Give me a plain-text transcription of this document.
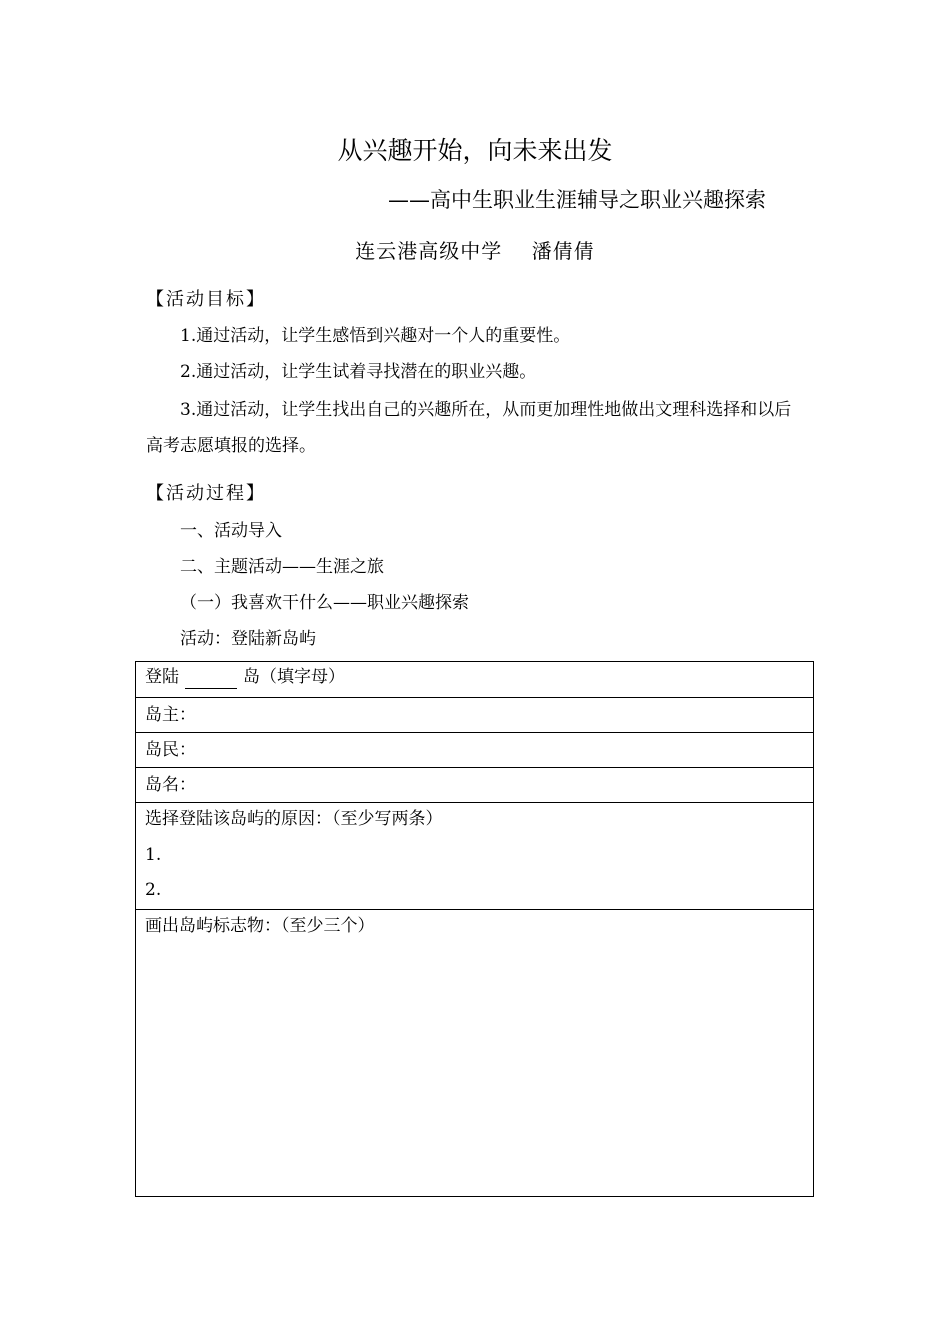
从兴趣开始，向未来出发
——高中生职业生涯辅导之职业兴趣探索
连云港高级中学    潘倩倩
【活动目标】
1.通过活动，让学生感悟到兴趣对一个人的重要性。
2.通过活动，让学生试着寻找潜在的职业兴趣。
3.通过活动，让学生找出自己的兴趣所在，从而更加理性地做出文理科选择和以后高考志愿填报的选择。
【活动过程】
一、活动导入
二、主题活动——生涯之旅
（一）我喜欢干什么——职业兴趣探索
活动：登陆新岛屿
登陆	岛（填字母）
岛主：
岛民：
岛名：
选择登陆该岛屿的原因：（至少写两条）
1.
2.
画出岛屿标志物：（至少三个）
